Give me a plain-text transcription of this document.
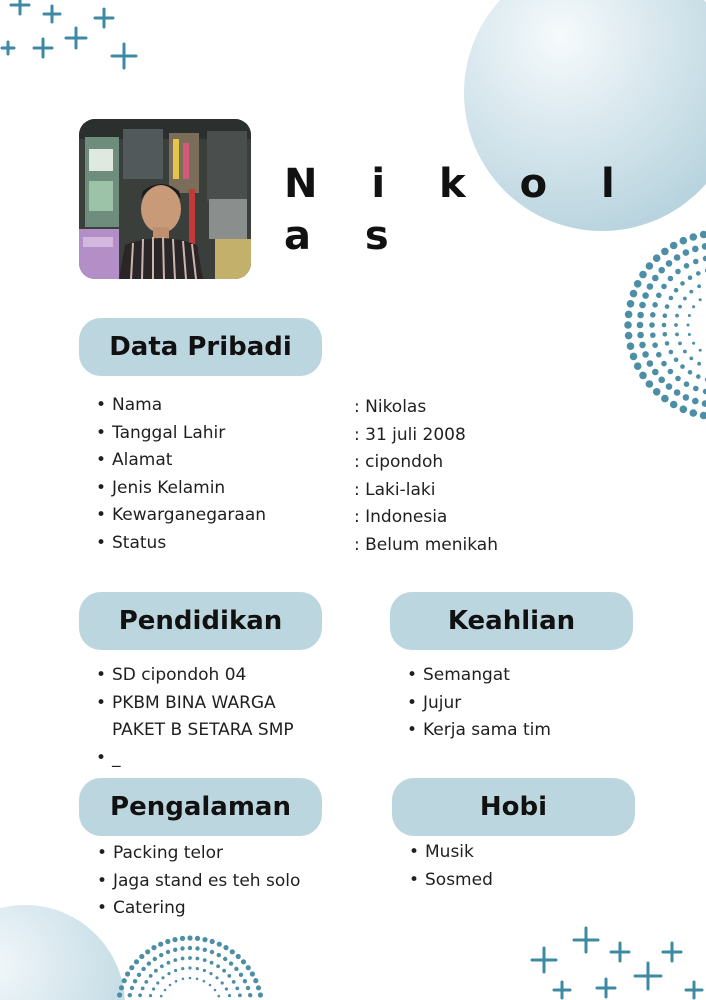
N i k o l a s
Data Pribadi
• Nama
• Tanggal Lahir
• Alamat
• Jenis Kelamin
• Kewarganegaraan
• Status
: Nikolas
: 31 juli 2008
: cipondoh
: Laki-laki
: Indonesia
: Belum menikah
Pendidikan
• SD cipondoh 04
• PKBM BINA WARGA
PAKET B SETARA SMP
• _
Keahlian
• Semangat
• Jujur
• Kerja sama tim
Pengalaman
• Packing telor
• Jaga stand es teh solo
• Catering
Hobi
• Musik
• Sosmed
